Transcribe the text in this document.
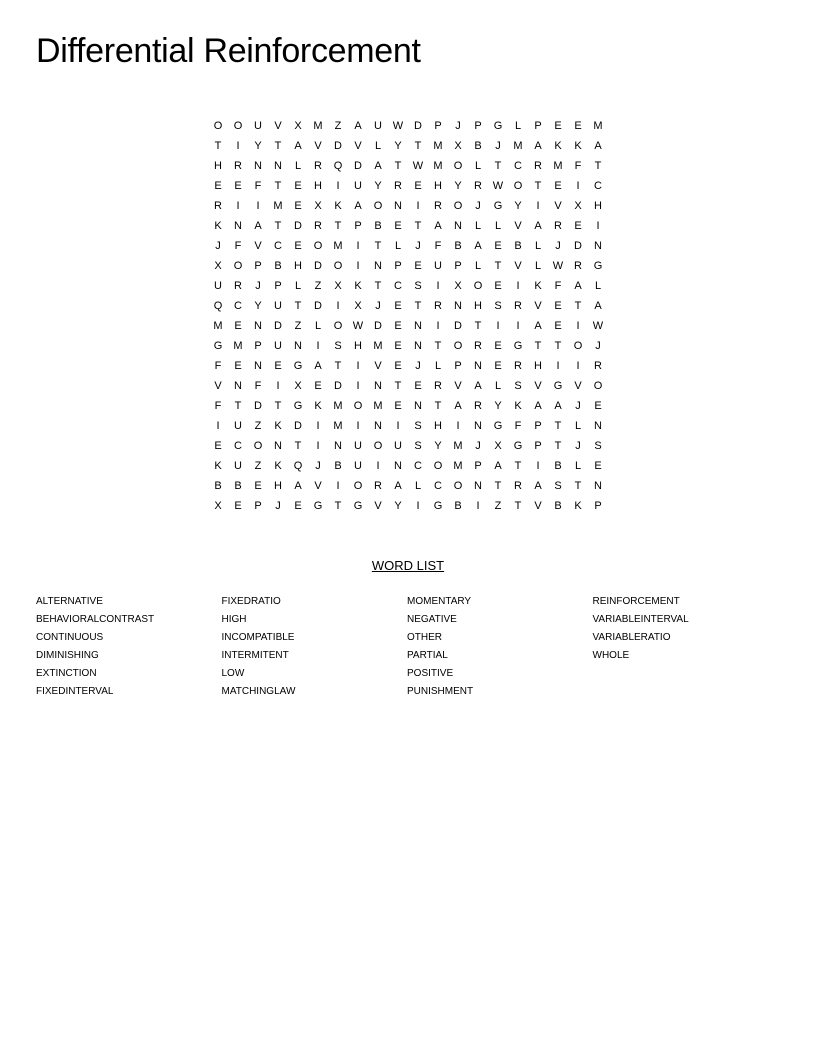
Differential Reinforcement
O	O	U	V	X	M	Z	A	U W D	P	J	P	G	L	P	E	E	M
T	I	Y	T	A	V	D	V	L	Y	T	M	X	B	J	M	A	K	K	A
H	R	N	N	L	R	Q	D	A	T	W M	O	L	T	C	R	M	F	T
E	E	F	T	E	H	I	U	Y	R	E	H	Y	R W O	T	E	I	C
R	I	I	M	E	X	K	A	O	N	I	R	O	J	G	Y	I	V	X	H
K	N	A	T	D	R	T	P	B	E	T	A	N	L	L	V	A	R	E	I
J	F	V	C	E	O	M	I	T	L	J	F	B	A	E	B	L	J	D	N
X	O	P	B	H	D	O	I	N	P	E	U	P	L	T	V	L	W R	G
U	R	J	P	L	Z	X	K	T	C	S	I	X	O	E	I	K	F	A	L
Q	C	Y	U	T	D	I	X	J	E	T	R	N	H	S	R	V	E	T	A
M	E	N	D	Z	L	O W D	E	N	I	D	T	I	I	A	E	I	W
G	M	P	U	N	I	S	H	M	E	N	T	O	R	E	G	T	T	O	J
F	E	N	E	G	A	T	I	V	E	J	L	P	N	E	R	H	I	I	R
V	N	F	I	X	E	D	I	N	T	E	R	V	A	L	S	V	G	V	O
F	T	D	T	G	K	M	O	M	E	N	T	A	R	Y	K	A	A	J	E
I	U	Z	K	D	I	M	I	N	I	S	H	I	N	G	F	P	T	L	N
E	C	O	N	T	I	N	U	O	U	S	Y	M	J	X	G	P	T	J	S
K	U	Z	K	Q	J	B	U	I	N	C	O	M	P	A	T	I	B	L	E
B	B	E	H	A	V	I	O	R	A	L	C	O	N	T	R	A	S	T	N
X	E	P	J	E	G	T	G	V	Y	I	G	B	I	Z	T	V	B	K	P
WORD LIST
ALTERNATIVE
BEHAVIORALCONTRAST
CONTINUOUS
DIMINISHING
EXTINCTION
FIXEDINTERVAL
FIXEDRATIO
HIGH
INCOMPATIBLE
INTERMITENT
LOW
MATCHINGLAW
MOMENTARY
NEGATIVE
OTHER
PARTIAL
POSITIVE
PUNISHMENT
REINFORCEMENT
VARIABLEINTERVAL
VARIABLERATIO
WHOLE
